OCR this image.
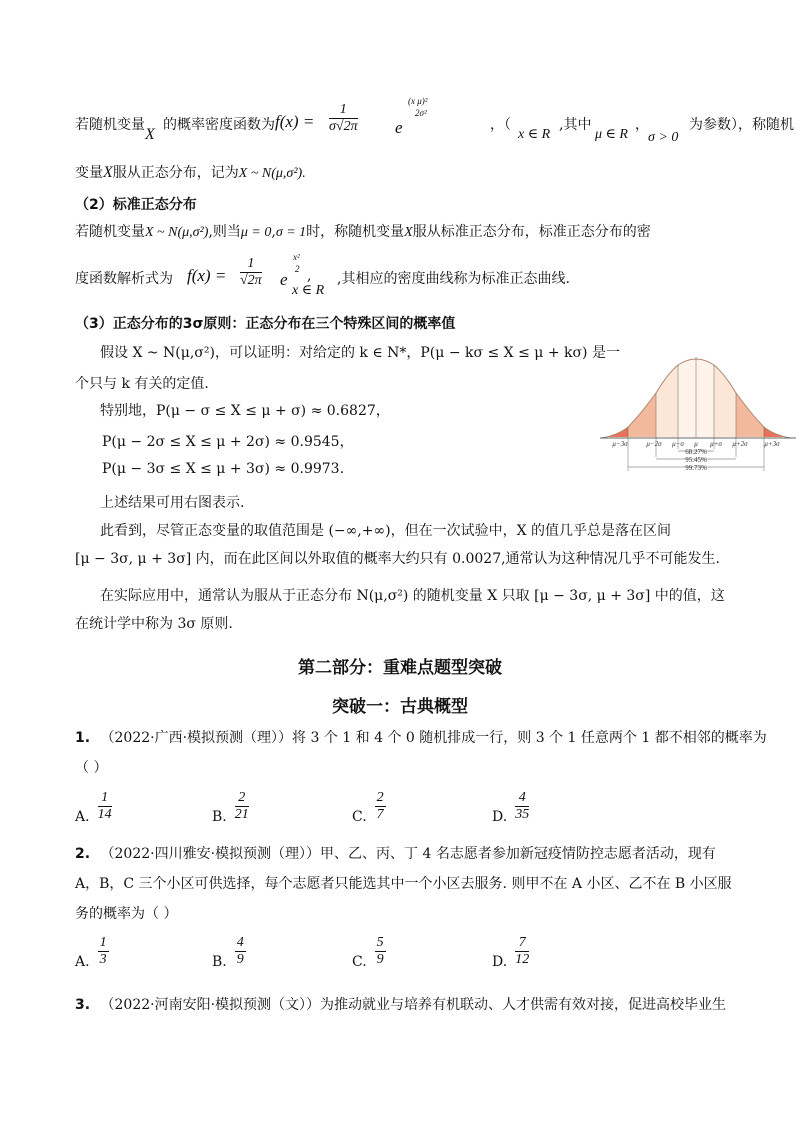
若随机变量
X
的概率密度函数为 $f(x) = \frac{1}{\sigma√2\pi}$ e
(x μ)²
2σ²
，（
x ∈ R
,其中
μ ∈ R
，
σ > 0
为参数），称随机
变量X服从正态分布，记为X ~ N(μ,σ²).
（2）标准正态分布
若随机变量X ~ N(μ,σ²),则当μ = 0,σ = 1时，称随机变量X服从标准正态分布，标准正态分布的密
度函数解析式为 $f(x) = \frac{1}{√2\pi}$ e
x²
2 ,
x ∈ R
,其相应的密度曲线称为标准正态曲线.
（3）正态分布的3σ原则：正态分布在三个特殊区间的概率值
假设 X ~ N(μ,σ²)，可以证明：对给定的 k ∈ N*，P(μ − kσ ≤ X ≤ μ + kσ) 是一
个只与 k 有关的定值.
特别地，P(μ − σ ≤ X ≤ μ + σ) ≈ 0.6827，
P(μ − 2σ ≤ X ≤ μ + 2σ) ≈ 0.9545，
P(μ − 3σ ≤ X ≤ μ + 3σ) ≈ 0.9973.
上述结果可用右图表示.
此看到，尽管正态变量的取值范围是 (−∞,+∞)，但在一次试验中，X 的值几乎总是落在区间
[μ − 3σ, μ + 3σ] 内，而在此区间以外取值的概率大约只有 0.0027,通常认为这种情况几乎不可能发生.
在实际应用中，通常认为服从于正态分布 N(μ,σ²) 的随机变量 X 只取 [μ − 3σ, μ + 3σ] 中的值，这
在统计学中称为 3σ 原则.
μ−3σ	μ−2σ μ−σ μ μ+σ μ+2σ μ+3σ
68.27%
95.45%
99.73%
第二部分：重难点题型突破
突破一：古典概型
1. （2022·广西·模拟预测（理））将 3 个 1 和 4 个 0 随机排成一行，则 3 个 1 任意两个 1 都不相邻的概率为
（ ）
A. $\frac{1}{14}$	B. $\frac{2}{21}$	C. $\frac{2}{7}$	D. $\frac{4}{35}$
2. （2022·四川雅安·模拟预测（理））甲、乙、丙、丁 4 名志愿者参加新冠疫情防控志愿者活动，现有
A，B，C 三个小区可供选择，每个志愿者只能选其中一个小区去服务. 则甲不在 A 小区、乙不在 B 小区服
务的概率为（ ）
A. $\frac{1}{3}$	B. $\frac{4}{9}$	C. $\frac{5}{9}$	D. $\frac{7}{12}$
3. （2022·河南安阳·模拟预测（文））为推动就业与培养有机联动、人才供需有效对接，促进高校毕业生
